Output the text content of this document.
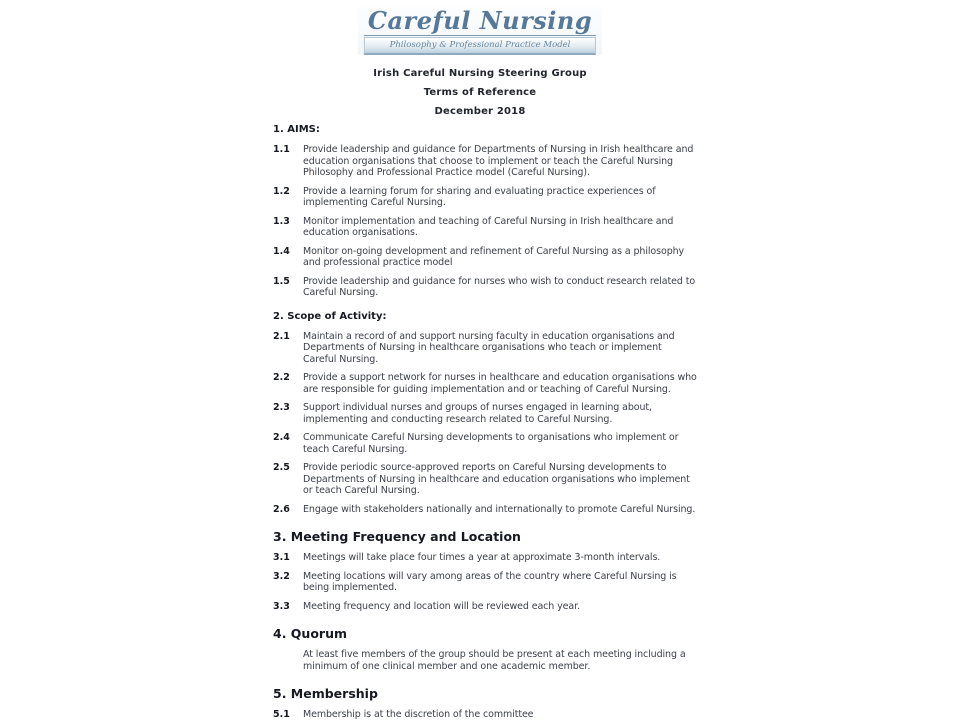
Careful Nursing
Philosophy & Professional Practice Model
Irish Careful Nursing Steering Group
Terms of Reference
December 2018
1. AIMS:
1.1	Provide leadership and guidance for Departments of Nursing in Irish healthcare and education organisations that choose to implement or teach the Careful Nursing Philosophy and Professional Practice model (Careful Nursing).
1.2	Provide a learning forum for sharing and evaluating practice experiences of implementing Careful Nursing.
1.3	Monitor implementation and teaching of Careful Nursing in Irish healthcare and education organisations.
1.4	Monitor on-going development and refinement of Careful Nursing as a philosophy and professional practice model
1.5	Provide leadership and guidance for nurses who wish to conduct research related to Careful Nursing.
2. Scope of Activity:
2.1	Maintain a record of and support nursing faculty in education organisations and Departments of Nursing in healthcare organisations who teach or implement Careful Nursing.
2.2	Provide a support network for nurses in healthcare and education organisations who are responsible for guiding implementation and or teaching of Careful Nursing.
2.3	Support individual nurses and groups of nurses engaged in learning about, implementing and conducting research related to Careful Nursing.
2.4	Communicate Careful Nursing developments to organisations who implement or teach Careful Nursing.
2.5	Provide periodic source-approved reports on Careful Nursing developments to Departments of Nursing in healthcare and education organisations who implement or teach Careful Nursing.
2.6	Engage with stakeholders nationally and internationally to promote Careful Nursing.
3. Meeting Frequency and Location
3.1	Meetings will take place four times a year at approximate 3-month intervals.
3.2	Meeting locations will vary among areas of the country where Careful Nursing is being implemented.
3.3	Meeting frequency and location will be reviewed each year.
4. Quorum
At least five members of the group should be present at each meeting including a minimum of one clinical member and one academic member.
5. Membership
5.1	Membership is at the discretion of the committee
